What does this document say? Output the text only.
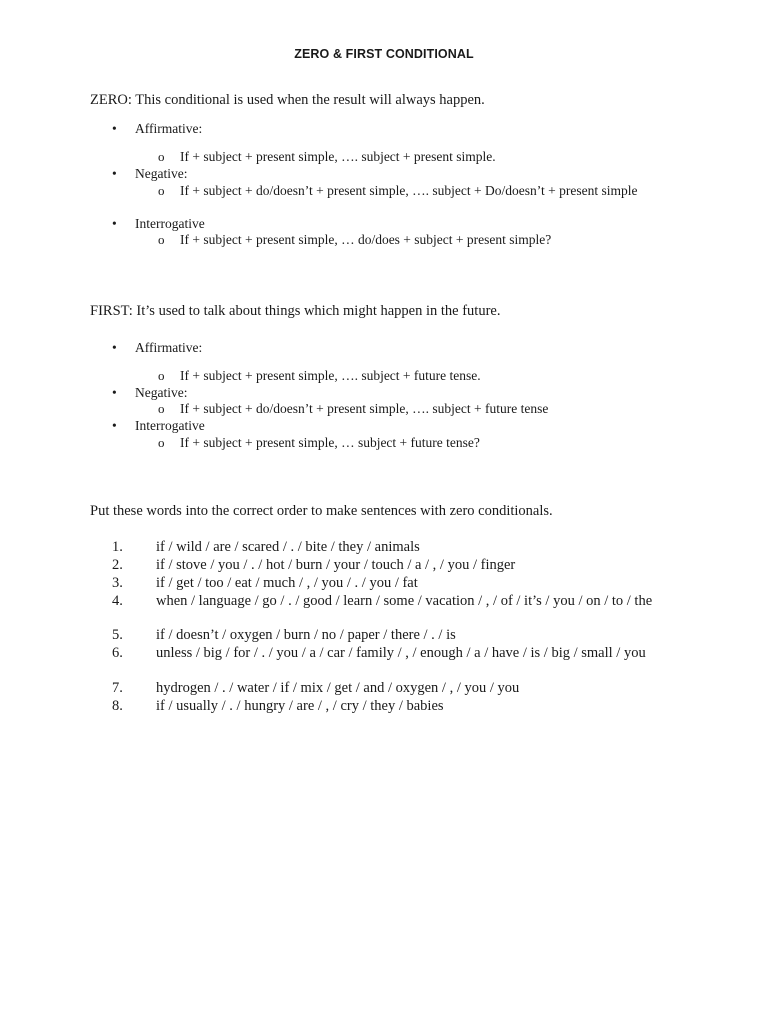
ZERO & FIRST CONDITIONAL
ZERO: This conditional is used when the result will always happen.
•	Affirmative:
o If + subject + present simple, …. subject + present simple.
•	Negative:
o If + subject + do/doesn’t + present simple, …. subject + Do/doesn’t + present simple
•	Interrogative
o If + subject + present simple, … do/does + subject + present simple?
FIRST: It’s used to talk about things which might happen in the future.
•	Affirmative:
o If + subject + present simple, …. subject + future tense.
•	Negative:
o If + subject + do/doesn’t + present simple, …. subject + future tense
•	Interrogative
o If + subject + present simple, … subject + future tense?
Put these words into the correct order to make sentences with zero conditionals.
1. if / wild / are / scared / . / bite / they / animals
2. if / stove / you / . / hot / burn / your / touch / a / , / you / finger
3. if / get / too / eat / much / , / you / . / you / fat
4. when / language / go / . / good / learn / some / vacation / , / of / it’s / you / on / to / the
5. if / doesn’t / oxygen / burn / no / paper / there / . / is
6. unless / big / for / . / you / a / car / family / , / enough / a / have / is / big / small / you
7. hydrogen / . / water / if / mix / get / and / oxygen / , / you / you
8. if / usually / . / hungry / are / , / cry / they / babies
